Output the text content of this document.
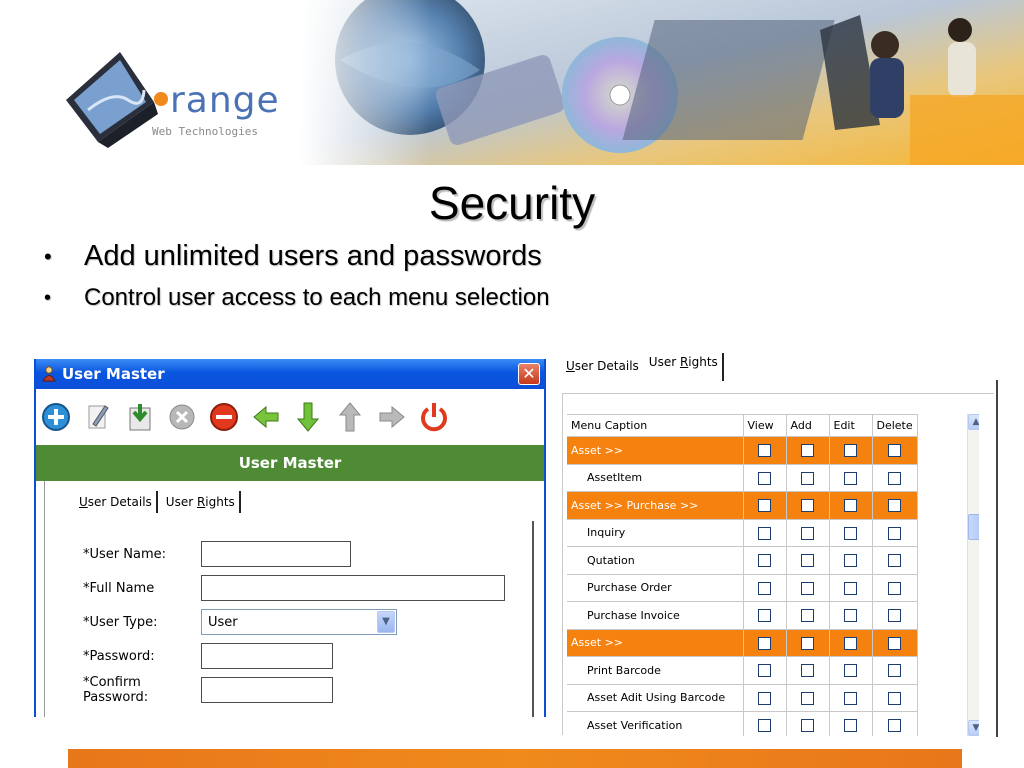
range
Web Technologies
Security
• Add unlimited users and passwords
• Control user access to each menu selection
User Master	✕
User Master
User Details	User Rights
*User Name:
*Full Name
*User Type:	User	▼
*Password:
*Confirm Password:
User Details User Rights
Menu Caption	View	Add	Edit	Delete
Asset >>				
AssetItem				
Asset >> Purchase >>				
Inquiry				
Qutation				
Purchase Order				
Purchase Invoice				
Asset >>				
Print Barcode				
Asset Adit Using Barcode				
Asset Verification				
▲
▼
